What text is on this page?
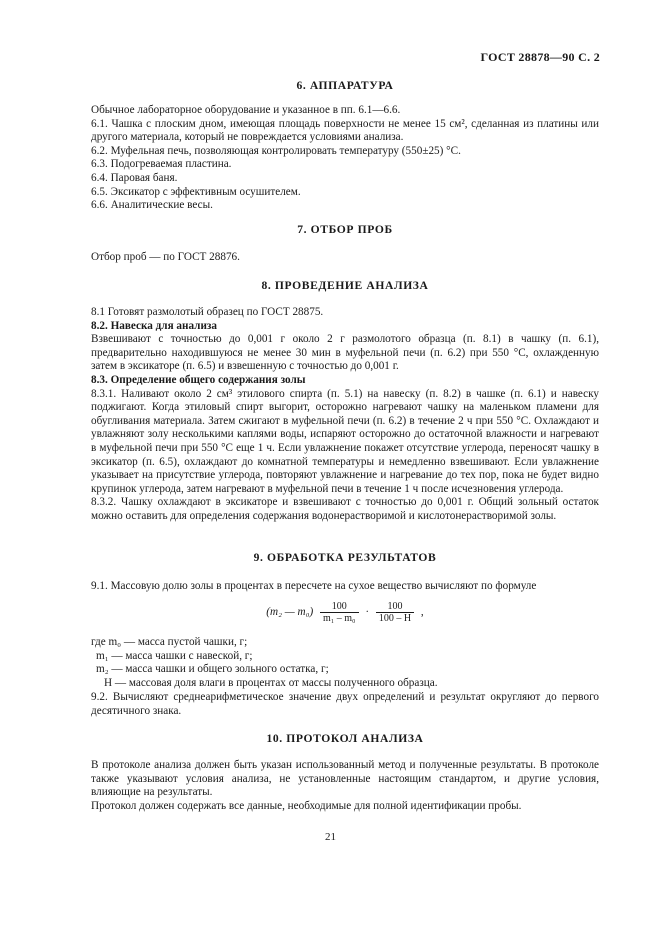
ГОСТ 28878—90 С. 2
6. АППАРАТУРА

Обычное лабораторное оборудование и указанное в пп. 6.1—6.6.

6.1. Чашка с плоским дном, имеющая площадь поверхности не менее 15 см², сделанная из платины или другого материала, который не повреждается условиями анализа.

6.2. Муфельная печь, позволяющая контролировать температуру (550±25) °С.

6.3. Подогреваемая пластина.

6.4. Паровая баня.

6.5. Эксикатор с эффективным осушителем.

6.6. Аналитические весы.

7. ОТБОР ПРОБ

Отбор проб — по ГОСТ 28876.

8. ПРОВЕДЕНИЕ АНАЛИЗА

8.1 Готовят размолотый образец по ГОСТ 28875.

8.2. Навеска для анализа

Взвешивают с точностью до 0,001 г около 2 г размолотого образца (п. 8.1) в чашку (п. 6.1), предварительно находившуюся не менее 30 мин в муфельной печи (п. 6.2) при 550 °С, охлажденную затем в эксикаторе (п. 6.5) и взвешенную с точностью до 0,001 г.

8.3. Определение общего содержания золы

8.3.1. Наливают около 2 см³ этилового спирта (п. 5.1) на навеску (п. 8.2) в чашке (п. 6.1) и навеску поджигают. Когда этиловый спирт выгорит, осторожно нагревают чашку на маленьком пламени для обугливания материала. Затем сжигают в муфельной печи (п. 6.2) в течение 2 ч при 550 °С. Охлаждают и увлажняют золу несколькими каплями воды, испаряют осторожно до остаточной влажности и нагревают в муфельной печи при 550 °С еще 1 ч. Если увлажнение покажет отсутствие углерода, переносят чашку в эксикатор (п. 6.5), охлаждают до комнатной температуры и немедленно взвешивают. Если увлажнение указывает на присутствие углерода, повторяют увлажнение и нагревание до тех пор, пока не будет видно крупинок углерода, затем нагревают в муфельной печи в течение 1 ч после исчезновения углерода.

8.3.2. Чашку охлаждают в эксикаторе и взвешивают с точностью до 0,001 г. Общий зольный остаток можно оставить для определения содержания водонерастворимой и кислотонерастворимой золы.

9. ОБРАБОТКА РЕЗУЛЬТАТОВ

9.1. Массовую долю золы в процентах в пересчете на сухое вещество вычисляют по формуле

(m₂ — $m_0) \frac{100}{\text{m₁ – m₀}} \cdot \frac{100}{100 - H}$ ,
где m₀ — масса пустой чашки, г;
m₁ — масса чашки с навеской, г;
m₂ — масса чашки и общего зольного остатка, г;
H — массовая доля влаги в процентах от массы полученного образца.

9.2. Вычисляют среднеарифметическое значение двух определений и результат округляют до первого десятичного знака.

10. ПРОТОКОЛ АНАЛИЗА

В протоколе анализа должен быть указан использованный метод и полученные результаты. В протоколе также указывают условия анализа, не установленные настоящим стандартом, и другие условия, влияющие на результаты.

Протокол должен содержать все данные, необходимые для полной идентификации пробы.

21
